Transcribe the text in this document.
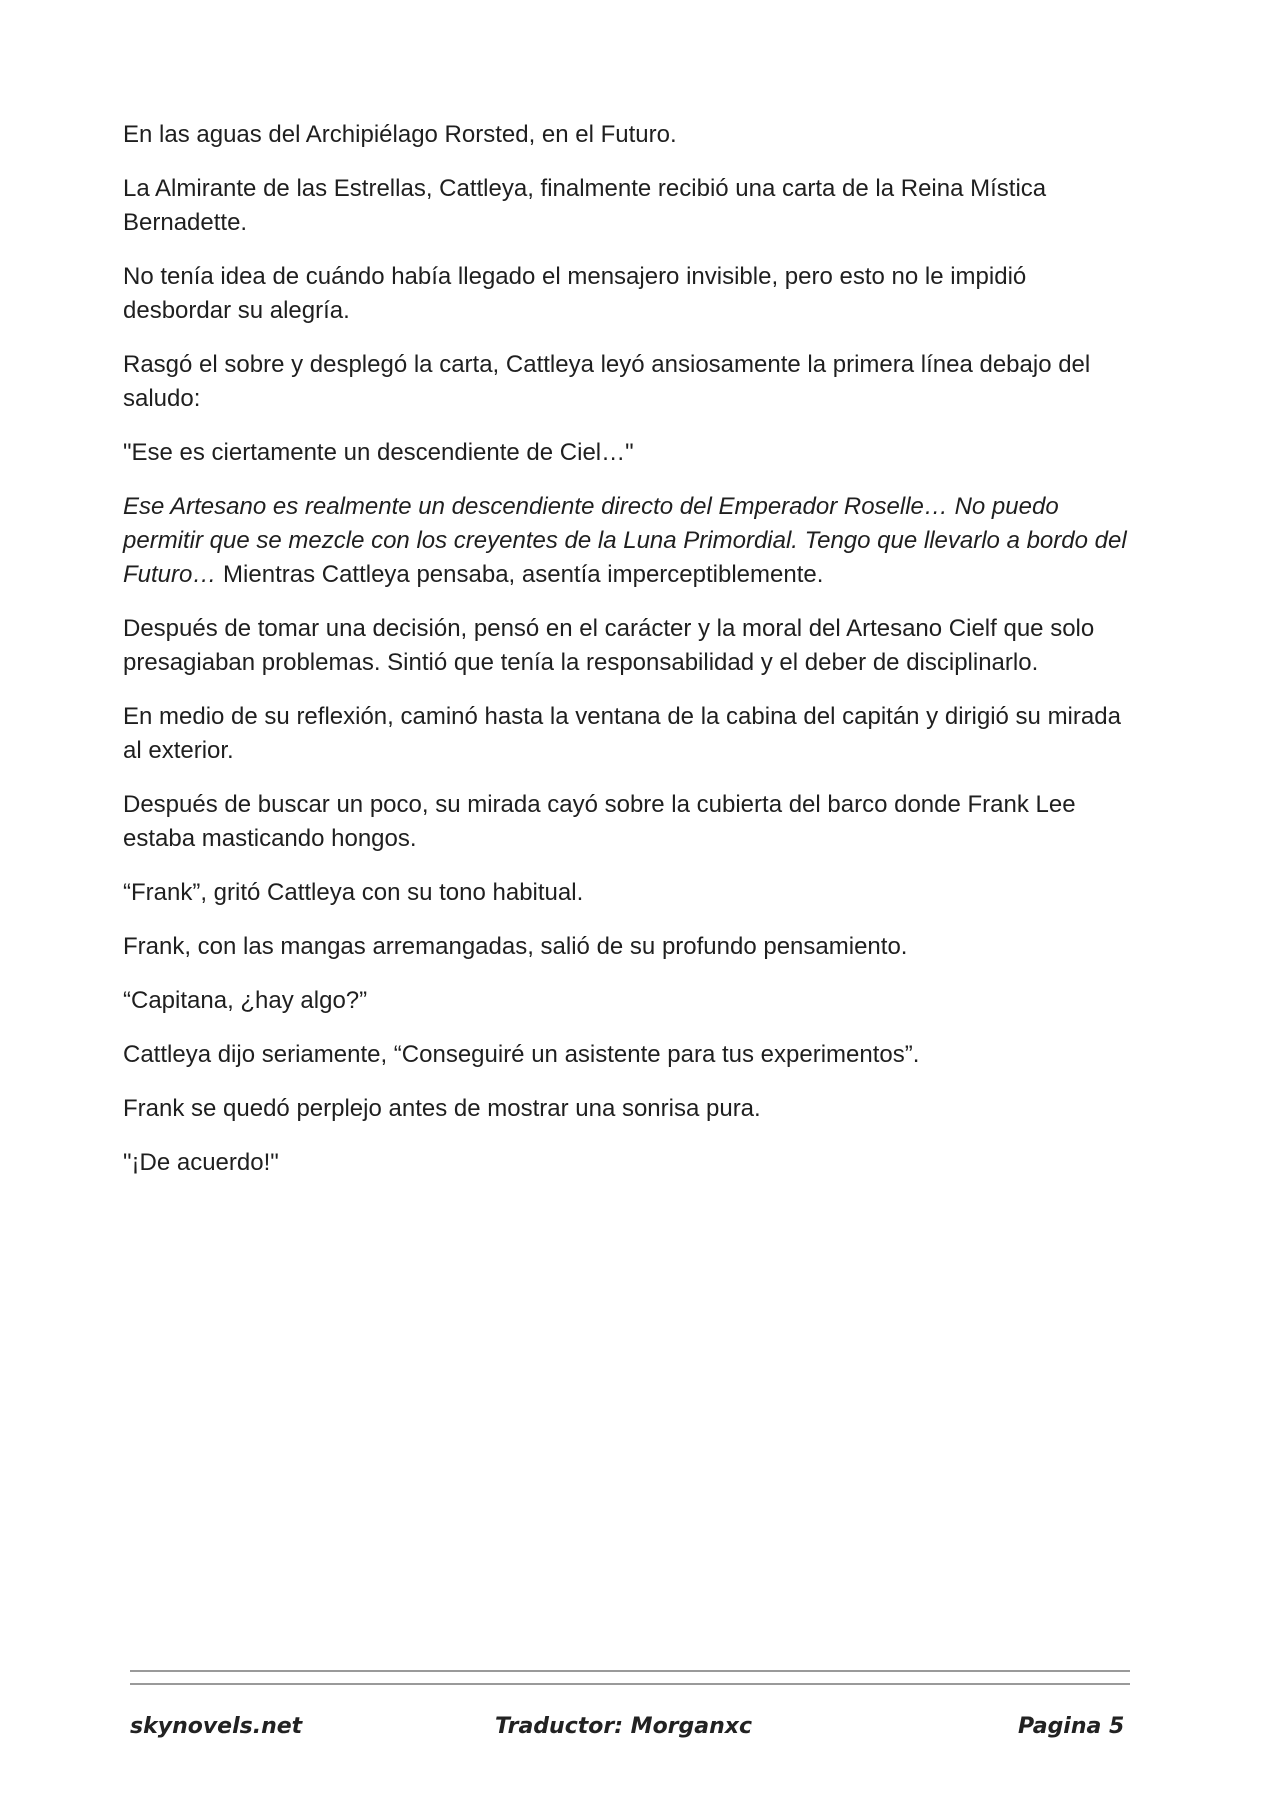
En las aguas del Archipiélago Rorsted, en el Futuro.

La Almirante de las Estrellas, Cattleya, finalmente recibió una carta de la Reina Mística Bernadette.

No tenía idea de cuándo había llegado el mensajero invisible, pero esto no le impidió desbordar su alegría.

Rasgó el sobre y desplegó la carta, Cattleya leyó ansiosamente la primera línea debajo del saludo:

"Ese es ciertamente un descendiente de Ciel…"

Ese Artesano es realmente un descendiente directo del Emperador Roselle… No puedo permitir que se mezcle con los creyentes de la Luna Primordial. Tengo que llevarlo a bordo del Futuro… Mientras Cattleya pensaba, asentía imperceptiblemente.

Después de tomar una decisión, pensó en el carácter y la moral del Artesano Cielf que solo presagiaban problemas. Sintió que tenía la responsabilidad y el deber de disciplinarlo.

En medio de su reflexión, caminó hasta la ventana de la cabina del capitán y dirigió su mirada al exterior.

Después de buscar un poco, su mirada cayó sobre la cubierta del barco donde Frank Lee estaba masticando hongos.

“Frank”, gritó Cattleya con su tono habitual.

Frank, con las mangas arremangadas, salió de su profundo pensamiento.

“Capitana, ¿hay algo?”

Cattleya dijo seriamente, “Conseguiré un asistente para tus experimentos”.

Frank se quedó perplejo antes de mostrar una sonrisa pura.

"¡De acuerdo!"

skynovels.net	Traductor: Morganxc	Pagina 5
